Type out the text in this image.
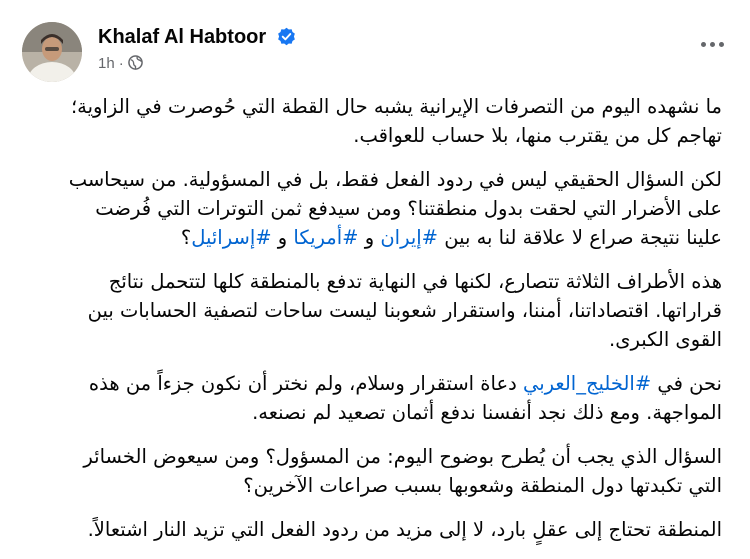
Khalaf Al Habtoor
1h ·

ما نشهده اليوم من التصرفات الإيرانية يشبه حال القطة التي حُوصرت في الزاوية؛ تهاجم كل من يقترب منها، بلا حساب للعواقب.

لكن السؤال الحقيقي ليس في ردود الفعل فقط، بل في المسؤولية. من سيحاسب على الأضرار التي لحقت بدول منطقتنا؟ ومن سيدفع ثمن التوترات التي فُرضت علينا نتيجة صراع لا علاقة لنا به بين #إيران و #أمريكا و #إسرائيل؟

هذه الأطراف الثلاثة تتصارع، لكنها في النهاية تدفع بالمنطقة كلها لتتحمل نتائج قراراتها. اقتصاداتنا، أمننا، واستقرار شعوبنا ليست ساحات لتصفية الحسابات بين القوى الكبرى.

نحن في #الخليج_العربي دعاة استقرار وسلام، ولم نختر أن نكون جزءاً من هذه المواجهة. ومع ذلك نجد أنفسنا ندفع أثمان تصعيد لم نصنعه.

السؤال الذي يجب أن يُطرح بوضوح اليوم: من المسؤول؟ ومن سيعوض الخسائر التي تكبدتها دول المنطقة وشعوبها بسبب صراعات الآخرين؟

المنطقة تحتاج إلى عقلٍ بارد، لا إلى مزيد من ردود الفعل التي تزيد النار اشتعالاً.
